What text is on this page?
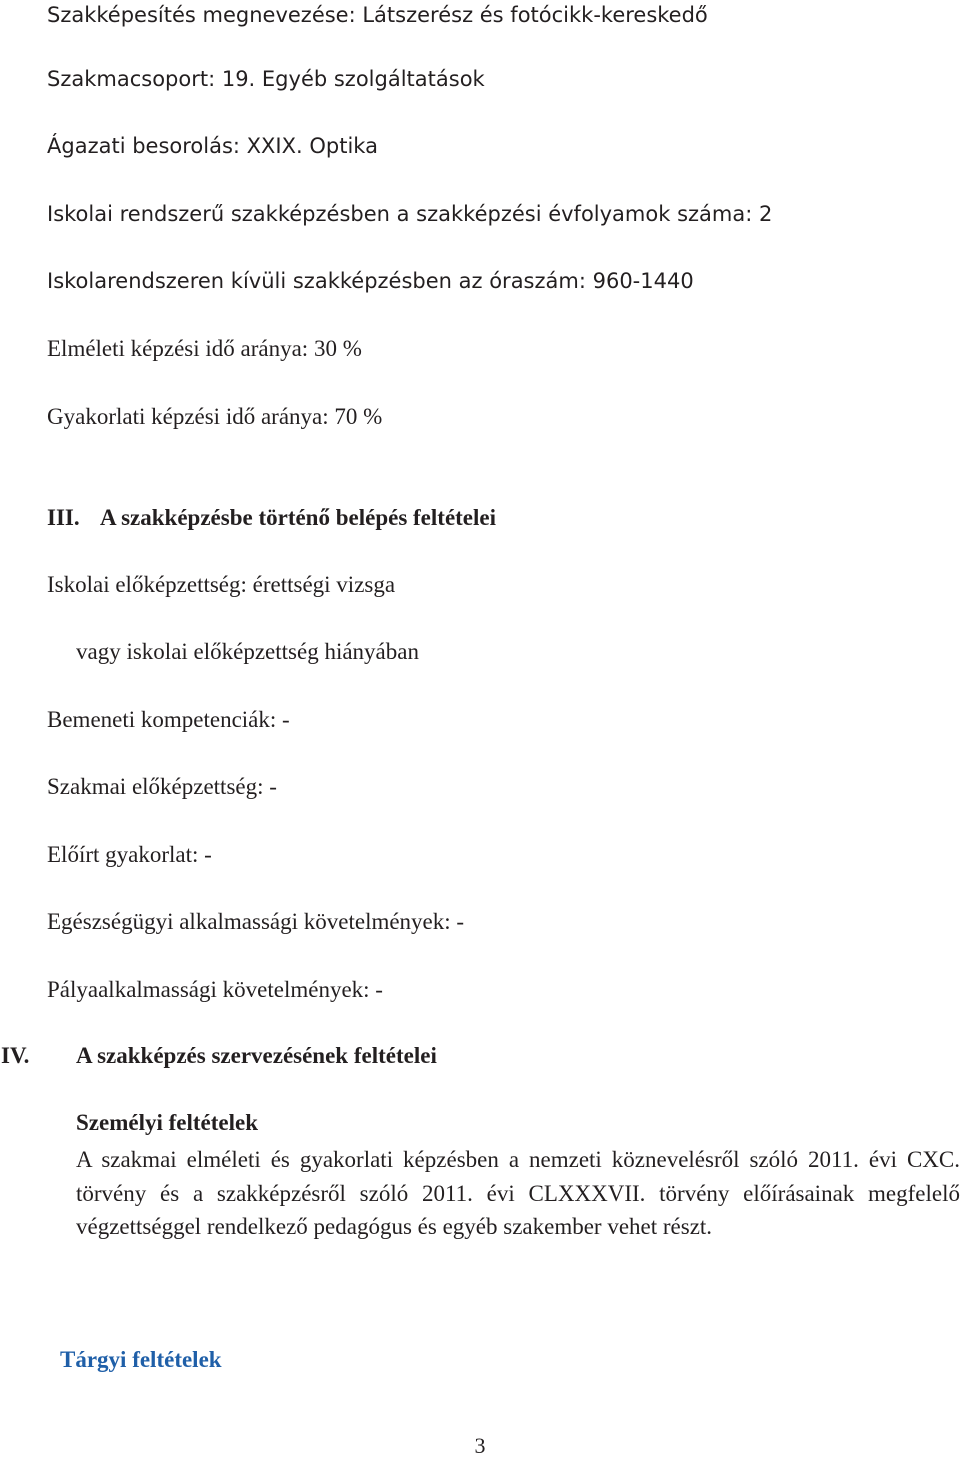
Szakképesítés megnevezése: Látszerész és fotócikk-kereskedő
Szakmacsoport: 19. Egyéb szolgáltatások
Ágazati besorolás: XXIX. Optika
Iskolai rendszerű szakképzésben a szakképzési évfolyamok száma: 2
Iskolarendszeren kívüli szakképzésben az óraszám: 960-1440
Elméleti képzési idő aránya: 30 %
Gyakorlati képzési idő aránya: 70 %
III. A szakképzésbe történő belépés feltételei
Iskolai előképzettség: érettségi vizsga
vagy iskolai előképzettség hiányában
Bemeneti kompetenciák: -
Szakmai előképzettség: -
Előírt gyakorlat: -
Egészségügyi alkalmassági követelmények: -
Pályaalkalmassági követelmények: -
IV. A szakképzés szervezésének feltételei
Személyi feltételek
A szakmai elméleti és gyakorlati képzésben a nemzeti köznevelésről szóló 2011. évi CXC. törvény és a szakképzésről szóló 2011. évi CLXXXVII. törvény előírásainak megfelelő végzettséggel rendelkező pedagógus és egyéb szakember vehet részt.
Tárgyi feltételek
3
